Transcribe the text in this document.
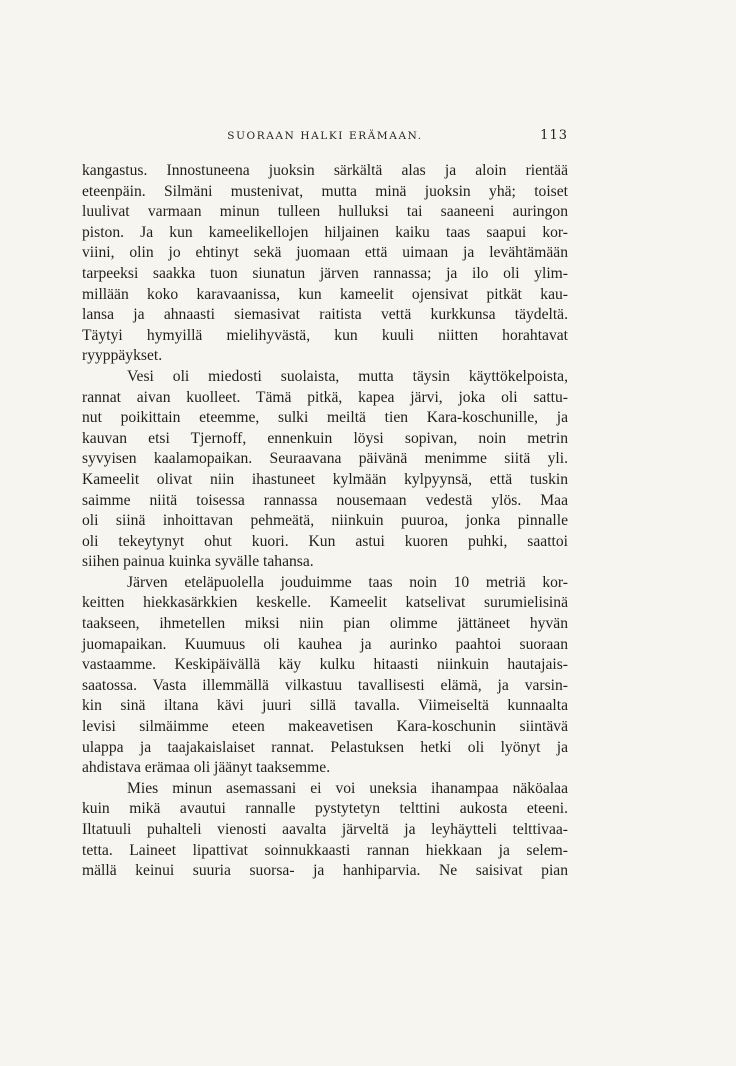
SUORAAN HALKI ERÄMAAN.	113
kangastus. Innostuneena juoksin särkältä alas ja aloin rientää
eteenpäin. Silmäni mustenivat, mutta minä juoksin yhä; toiset
luulivat varmaan minun tulleen hulluksi tai saaneeni auringon
piston. Ja kun kameelikellojen hiljainen kaiku taas saapui kor-
viini, olin jo ehtinyt sekä juomaan että uimaan ja levähtämään
tarpeeksi saakka tuon siunatun järven rannassa; ja ilo oli ylim-
millään koko karavaanissa, kun kameelit ojensivat pitkät kau-
lansa ja ahnaasti siemasivat raitista vettä kurkkunsa täydeltä.
Täytyi hymyillä mielihyvästä, kun kuuli niitten horahtavat
ryyppäykset.
Vesi oli miedosti suolaista, mutta täysin käyttökelpoista,
rannat aivan kuolleet. Tämä pitkä, kapea järvi, joka oli sattu-
nut poikittain eteemme, sulki meiltä tien Kara-koschunille, ja
kauvan etsi Tjernoff, ennenkuin löysi sopivan, noin metrin
syvyisen kaalamopaikan. Seuraavana päivänä menimme siitä yli.
Kameelit olivat niin ihastuneet kylmään kylpyynsä, että tuskin
saimme niitä toisessa rannassa nousemaan vedestä ylös. Maa
oli siinä inhoittavan pehmeätä, niinkuin puuroa, jonka pinnalle
oli tekeytynyt ohut kuori. Kun astui kuoren puhki, saattoi
siihen painua kuinka syvälle tahansa.
Järven eteläpuolella jouduimme taas noin 10 metriä kor-
keitten hiekkasärkkien keskelle. Kameelit katselivat surumielisinä
taakseen, ihmetellen miksi niin pian olimme jättäneet hyvän
juomapaikan. Kuumuus oli kauhea ja aurinko paahtoi suoraan
vastaamme. Keskipäivällä käy kulku hitaasti niinkuin hautajais-
saatossa. Vasta illemmällä vilkastuu tavallisesti elämä, ja varsin-
kin sinä iltana kävi juuri sillä tavalla. Viimeiseltä kunnaalta
levisi silmäimme eteen makeavetisen Kara-koschunin siintävä
ulappa ja taajakaislaiset rannat. Pelastuksen hetki oli lyönyt ja
ahdistava erämaa oli jäänyt taaksemme.
Mies minun asemassani ei voi uneksia ihanampaa näköalaa
kuin mikä avautui rannalle pystytetyn telttini aukosta eteeni.
Iltatuuli puhalteli vienosti aavalta järveltä ja leyhäytteli telttivaa-
tetta. Laineet lipattivat soinnukkaasti rannan hiekkaan ja selem-
mällä keinui suuria suorsa- ja hanhiparvia. Ne saisivat pian
